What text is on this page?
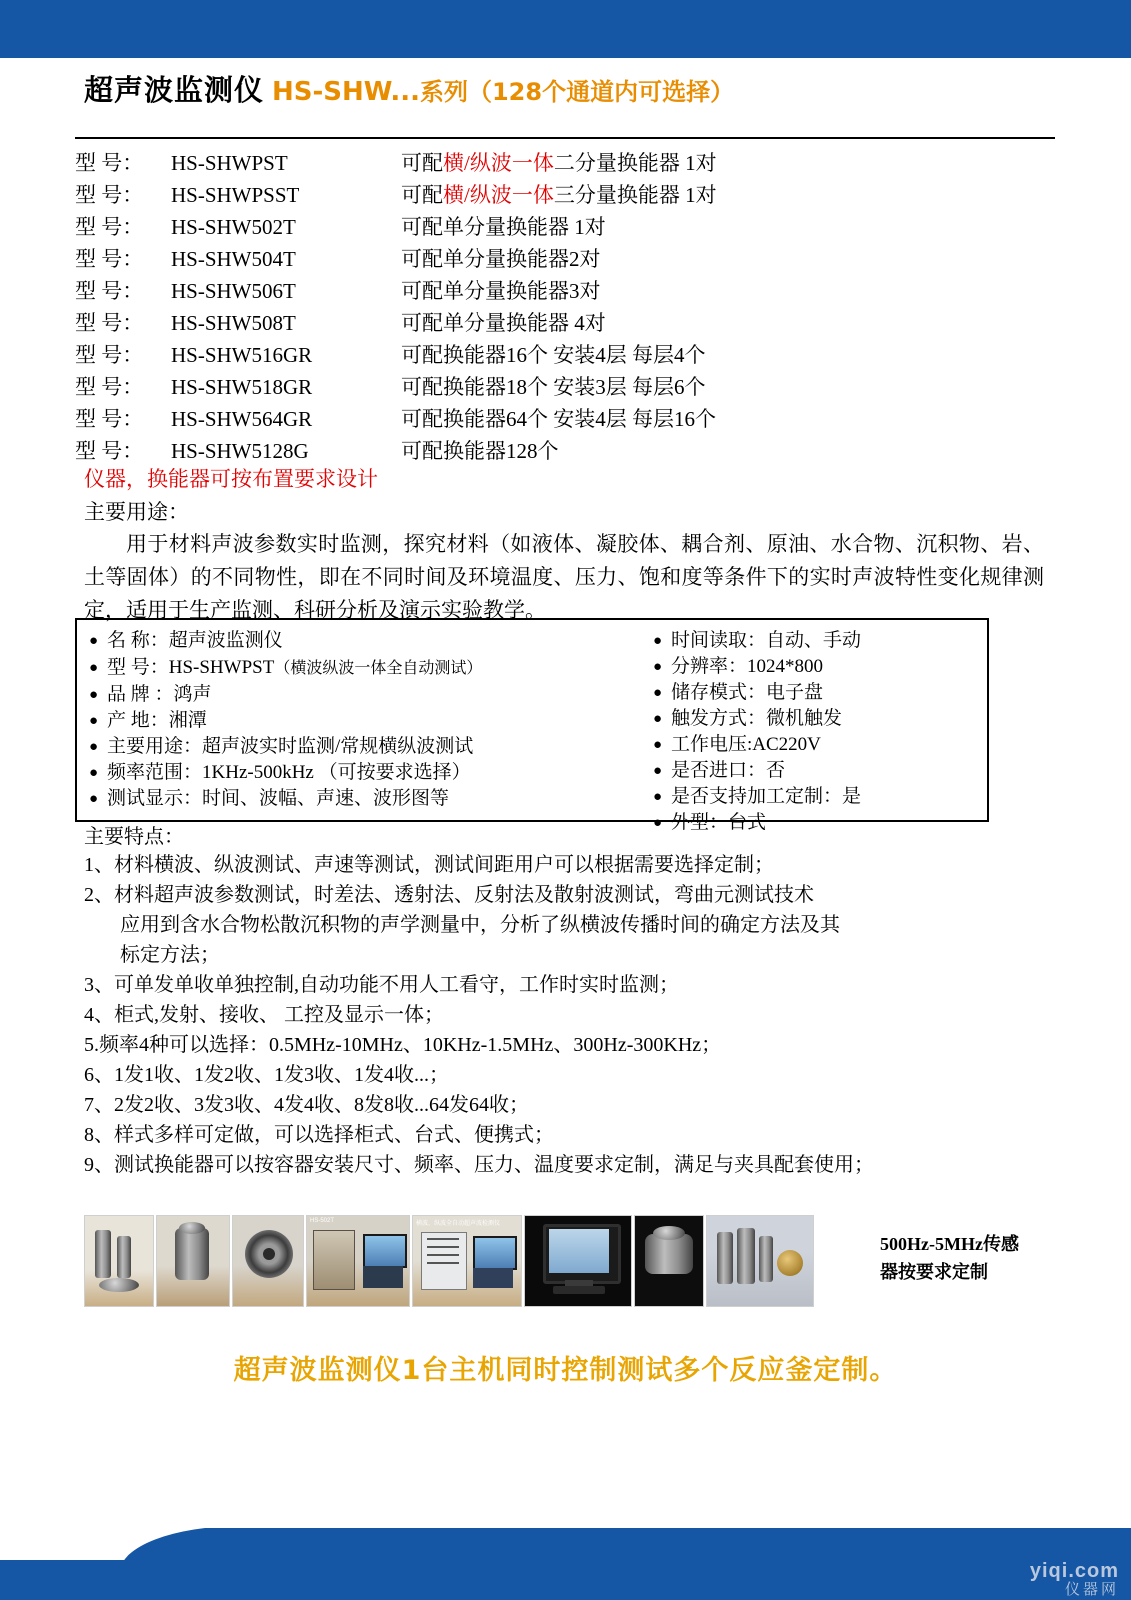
超声波监测仪 HS-SHW...系列（128个通道内可选择）
型 号：	HS-SHWPST	可配横/纵波一体二分量换能器 1对
型 号：	HS-SHWPSST	可配横/纵波一体三分量换能器 1对
型 号：	HS-SHW502T	可配单分量换能器 1对
型 号：	HS-SHW504T	可配单分量换能器2对
型 号：	HS-SHW506T	可配单分量换能器3对
型 号：	HS-SHW508T	可配单分量换能器 4对
型 号：	HS-SHW516GR	可配换能器16个 安装4层 每层4个
型 号：	HS-SHW518GR	可配换能器18个 安装3层 每层6个
型 号：	HS-SHW564GR	可配换能器64个 安装4层 每层16个
型 号：	HS-SHW5128G	可配换能器128个
仪器，换能器可按布置要求设计
主要用途：
用于材料声波参数实时监测，探究材料（如液体、凝胶体、耦合剂、原油、水合物、沉积物、岩、土等固体）的不同物性，即在不同时间及环境温度、压力、饱和度等条件下的实时声波特性变化规律测定，适用于生产监测、科研分析及演示实验教学。
● 名 称：超声波监测仪
● 型 号：HS-SHWPST（横波纵波一体全自动测试）
● 品 牌 ：鸿声
● 产 地：湘潭
● 主要用途：超声波实时监测/常规横纵波测试
● 频率范围：1KHz-500kHz （可按要求选择）
● 测试显示：时间、波幅、声速、波形图等
● 时间读取：自动、手动
● 分辨率：1024*800
● 储存模式：电子盘
● 触发方式：微机触发
● 工作电压:AC220V
● 是否进口：否
● 是否支持加工定制：是
● 外型：台式
主要特点：
1、材料横波、纵波测试、声速等测试，测试间距用户可以根据需要选择定制；
2、材料超声波参数测试，时差法、透射法、反射法及散射波测试，弯曲元测试技术
应用到含水合物松散沉积物的声学测量中，分析了纵横波传播时间的确定方法及其
标定方法；
3、可单发单收单独控制,自动功能不用人工看守，工作时实时监测；
4、柜式,发射、接收、 工控及显示一体；
5.频率4种可以选择：0.5MHz-10MHz、10KHz-1.5MHz、300Hz-300KHz；
6、1发1收、1发2收、1发3收、1发4收...；
7、2发2收、3发3收、4发4收、8发8收...64发64收；
8、样式多样可定做，可以选择柜式、台式、便携式；
9、测试换能器可以按容器安装尺寸、频率、压力、温度要求定制，满足与夹具配套使用；
HS-502T	横波、纵波全自动超声波检测仪
500Hz-5MHz传感
器按要求定制
超声波监测仪1台主机同时控制测试多个反应釜定制。
yiqi.com
仪器网
